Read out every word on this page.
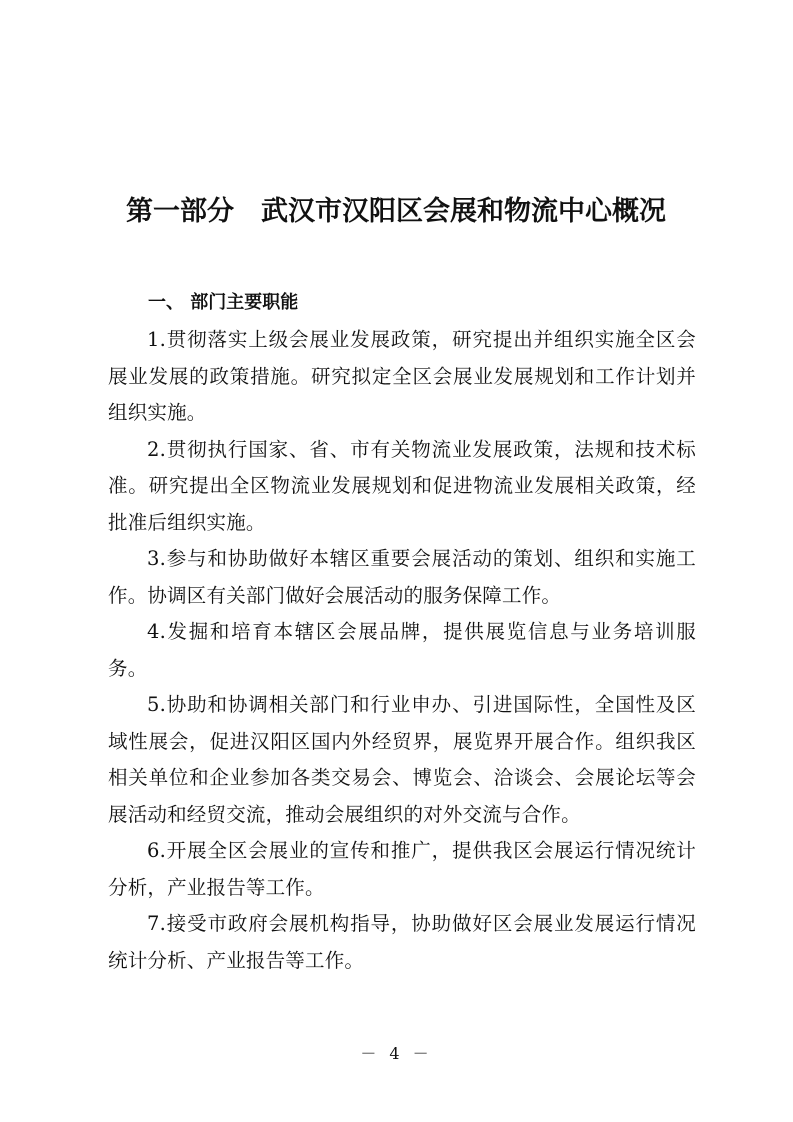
第一部分　武汉市汉阳区会展和物流中心概况
一、 部门主要职能

1.贯彻落实上级会展业发展政策，研究提出并组织实施全区会展业发展的政策措施。研究拟定全区会展业发展规划和工作计划并组织实施。

2.贯彻执行国家、省、市有关物流业发展政策，法规和技术标准。研究提出全区物流业发展规划和促进物流业发展相关政策，经批准后组织实施。

3.参与和协助做好本辖区重要会展活动的策划、组织和实施工作。协调区有关部门做好会展活动的服务保障工作。

4.发掘和培育本辖区会展品牌，提供展览信息与业务培训服务。

5.协助和协调相关部门和行业申办、引进国际性，全国性及区域性展会，促进汉阳区国内外经贸界，展览界开展合作。组织我区相关单位和企业参加各类交易会、博览会、洽谈会、会展论坛等会展活动和经贸交流，推动会展组织的对外交流与合作。

6.开展全区会展业的宣传和推广，提供我区会展运行情况统计分析，产业报告等工作。

7.接受市政府会展机构指导，协助做好区会展业发展运行情况统计分析、产业报告等工作。

－ 4 －
